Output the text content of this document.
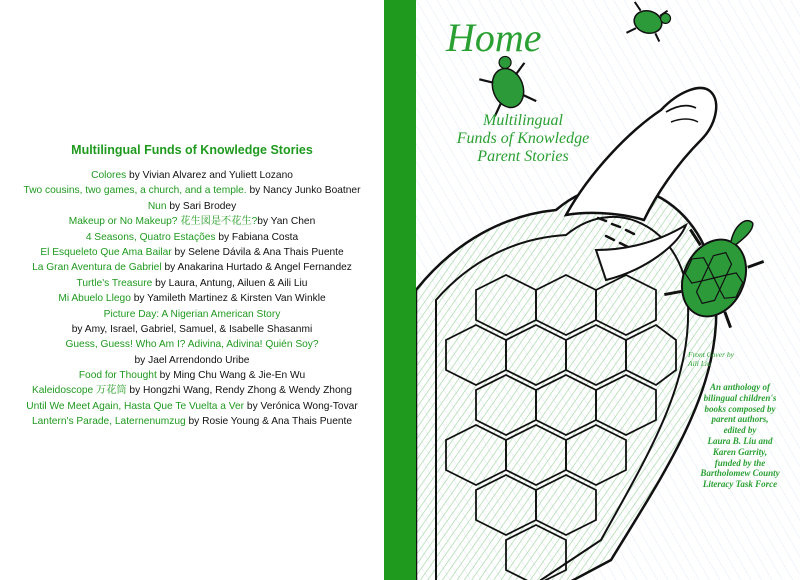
Multilingual Funds of Knowledge Stories
Colores by Vivian Alvarez and Yuliett Lozano
Two cousins, two games, a church, and a temple. by Nancy Junko Boatner
Nun by Sari Brodey
Makeup or No Makeup? 花生図是不花生?by Yan Chen
4 Seasons, Quatro Estações by Fabiana Costa
El Esqueleto Que Ama Bailar by Selene Dávila & Ana Thais Puente
La Gran Aventura de Gabriel by Anakarina Hurtado & Angel Fernandez
Turtle's Treasure by Laura, Antung, Ailuen & Aili Liu
Mi Abuelo Llego by Yamileth Martinez & Kirsten Van Winkle
Picture Day: A Nigerian American Story
by Amy, Israel, Gabriel, Samuel, & Isabelle Shasanmi
Guess, Guess! Who Am I? Adivina, Adivina! Quién Soy?
by Jael Arrendondo Uribe
Food for Thought by Ming Chu Wang & Jie-En Wu
Kaleidoscope 万花筒 by Hongzhi Wang, Rendy Zhong & Wendy Zhong
Until We Meet Again, Hasta Que Te Vuelta a Ver by Verónica Wong-Tovar
Lantern's Parade, Laternenumzug by Rosie Young & Ana Thais Puente
Home
Multilingual
Funds of Knowledge
Parent Stories
Front Cover by
Aili Liu
An anthology of
bilingual children's
books composed by
parent authors,
edited by
Laura B. Liu and
Karen Garrity,
funded by the
Bartholomew County
Literacy Task Force
